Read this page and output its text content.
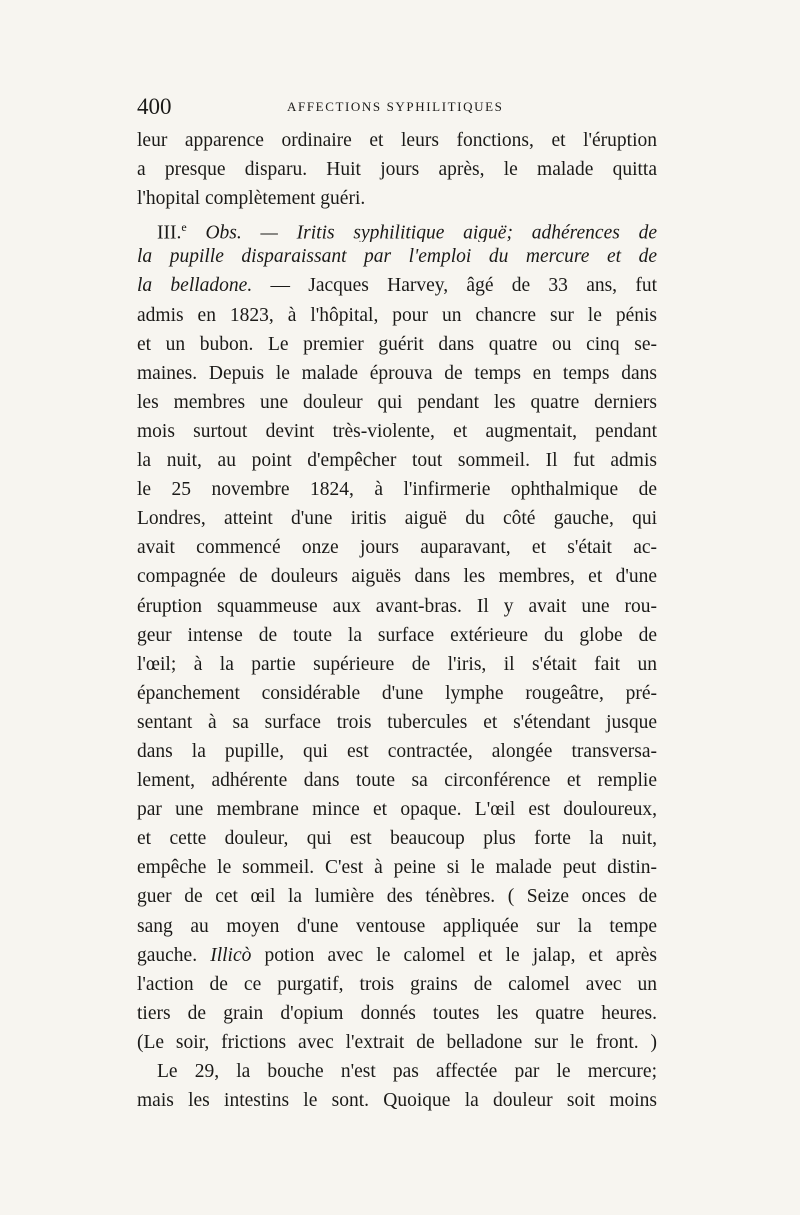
400	AFFECTIONS SYPHILITIQUES
leur apparence ordinaire et leurs fonctions, et l'éruption
a presque disparu. Huit jours après, le malade quitta
l'hopital complètement guéri.
III.$^e$ Obs. — Iritis syphilitique aiguë; adhérences de
la pupille disparaissant par l'emploi du mercure et de
la belladone. — Jacques Harvey, âgé de 33 ans, fut
admis en 1823, à l'hôpital, pour un chancre sur le pénis
et un bubon. Le premier guérit dans quatre ou cinq se-
maines. Depuis le malade éprouva de temps en temps dans
les membres une douleur qui pendant les quatre derniers
mois surtout devint très-violente, et augmentait, pendant
la nuit, au point d'empêcher tout sommeil. Il fut admis
le 25 novembre 1824, à l'infirmerie ophthalmique de
Londres, atteint d'une iritis aiguë du côté gauche, qui
avait commencé onze jours auparavant, et s'était ac-
compagnée de douleurs aiguës dans les membres, et d'une
éruption squammeuse aux avant-bras. Il y avait une rou-
geur intense de toute la surface extérieure du globe de
l'œil; à la partie supérieure de l'iris, il s'était fait un
épanchement considérable d'une lymphe rougeâtre, pré-
sentant à sa surface trois tubercules et s'étendant jusque
dans la pupille, qui est contractée, alongée transversa-
lement, adhérente dans toute sa circonférence et remplie
par une membrane mince et opaque. L'œil est douloureux,
et cette douleur, qui est beaucoup plus forte la nuit,
empêche le sommeil. C'est à peine si le malade peut distin-
guer de cet œil la lumière des ténèbres. ( Seize onces de
sang au moyen d'une ventouse appliquée sur la tempe
gauche. Illicò potion avec le calomel et le jalap, et après
l'action de ce purgatif, trois grains de calomel avec un
tiers de grain d'opium donnés toutes les quatre heures.
(Le soir, frictions avec l'extrait de belladone sur le front. )
Le 29, la bouche n'est pas affectée par le mercure;
mais les intestins le sont. Quoique la douleur soit moins
